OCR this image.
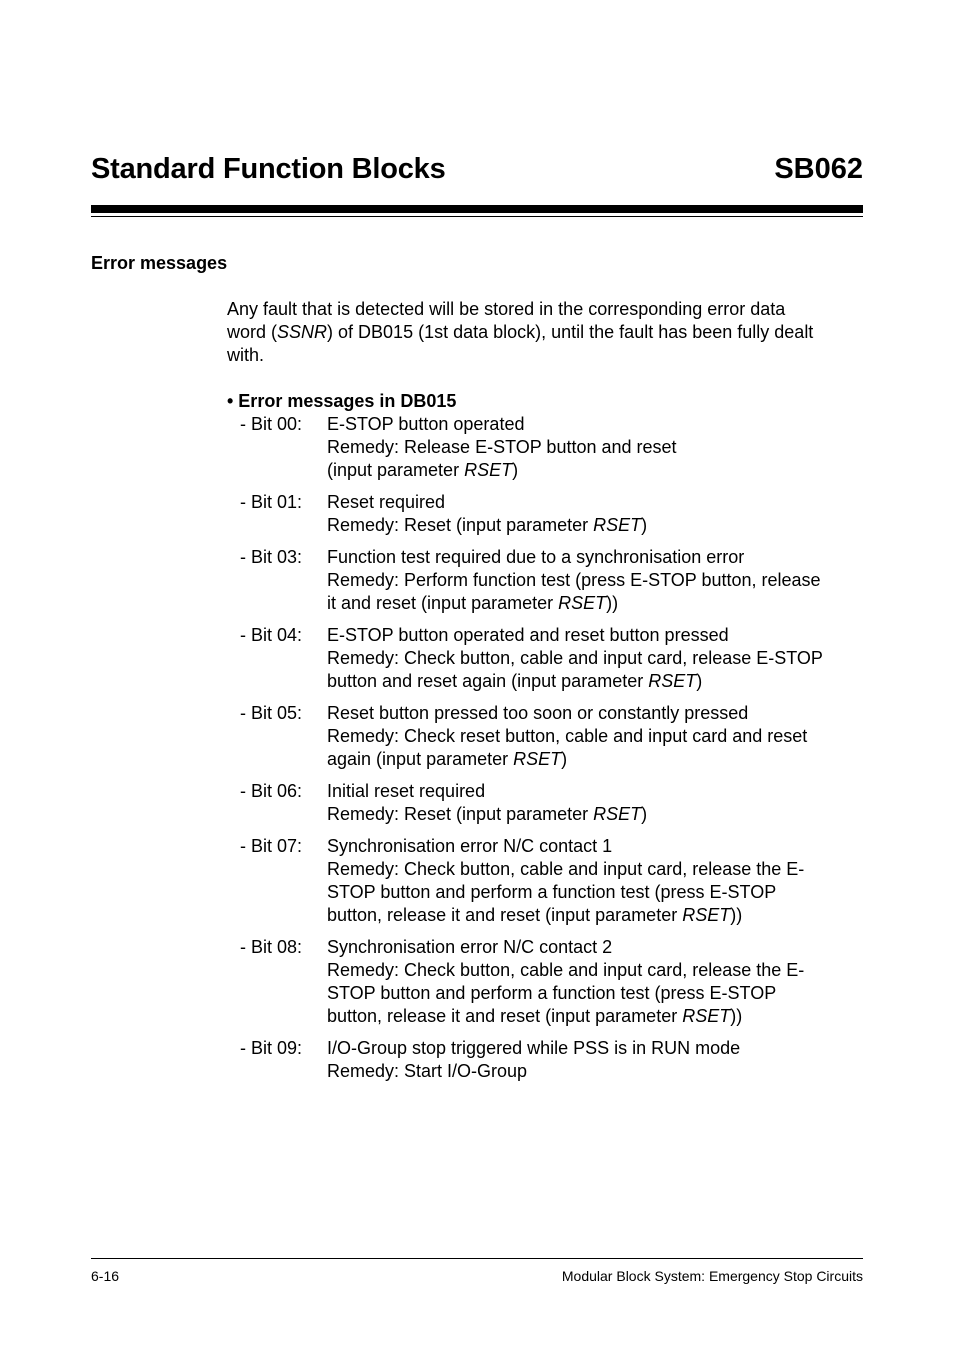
Standard Function Blocks	SB062
Error messages
Any fault that is detected will be stored in the corresponding error data
word (SSNR) of DB015 (1st data block), until the fault has been fully dealt
with.
• Error messages in DB015
- Bit 00:	E-STOP button operated
Remedy: Release E-STOP button and reset
(input parameter RSET)
- Bit 01:	Reset required
Remedy: Reset (input parameter RSET)
- Bit 03:	Function test required due to a synchronisation error
Remedy: Perform function test (press E-STOP button, release
it and reset (input parameter RSET))
- Bit 04:	E-STOP button operated and reset button pressed
Remedy: Check button, cable and input card, release E-STOP
button and reset again (input parameter RSET)
- Bit 05:	Reset button pressed too soon or constantly pressed
Remedy: Check reset button, cable and input card and reset
again (input parameter RSET)
- Bit 06:	Initial reset required
Remedy: Reset (input parameter RSET)
- Bit 07:	Synchronisation error N/C contact 1
Remedy: Check button, cable and input card, release the E-
STOP button and perform a function test (press E-STOP
button, release it and reset (input parameter RSET))
- Bit 08:	Synchronisation error N/C contact 2
Remedy: Check button, cable and input card, release the E-
STOP button and perform a function test (press E-STOP
button, release it and reset (input parameter RSET))
- Bit 09:	I/O-Group stop triggered while PSS is in RUN mode
Remedy: Start I/O-Group
6-16	Modular Block System: Emergency Stop Circuits
